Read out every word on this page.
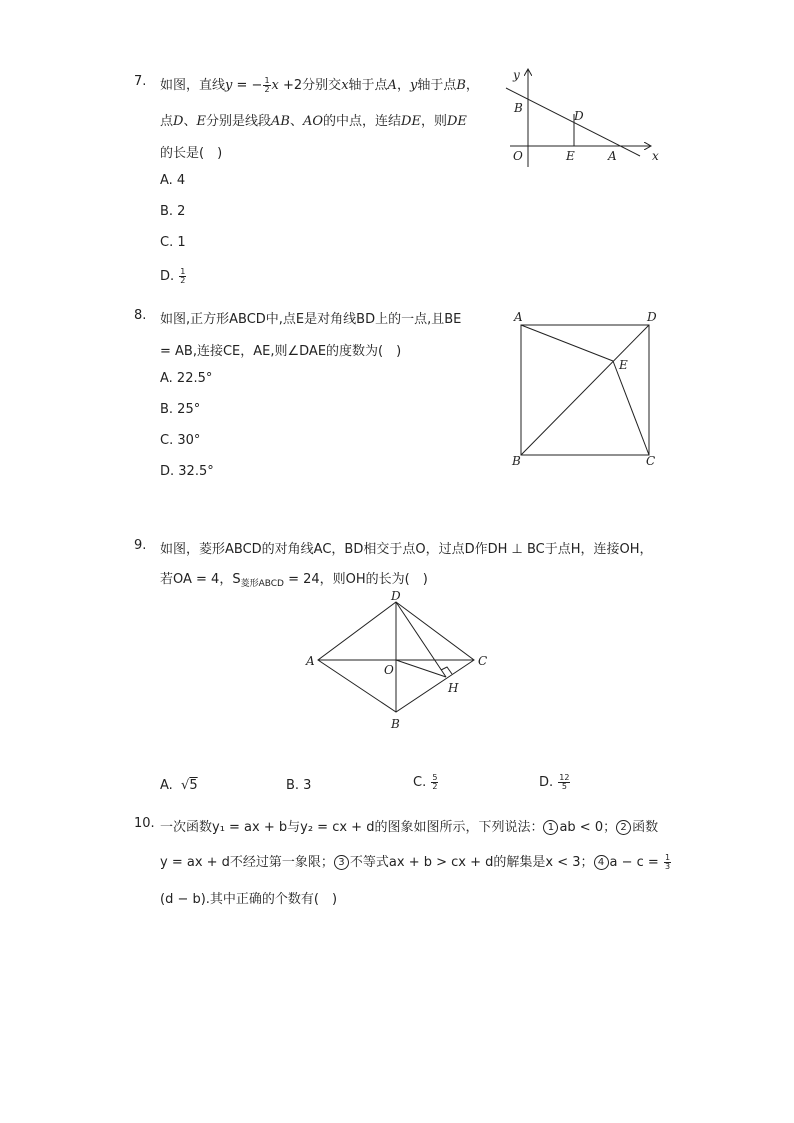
7. 如图，直线y = − $\frac{1}{2}$ x +2分别交x轴于点A，y轴于点B，
点D、E分别是线段AB、AO的中点，连结DE，则DE
的长是(　)
A. 4
B. 2
C. 1
D. $\frac{1}{2}$
y
x
B
D
O	E	A
8. 如图,正方形ABCD中,点E是对角线BD上的一点,且BE
= AB,连接CE，AE,则∠DAE的度数为(　)
A. 22.5°
B. 25°
C. 30°
D. 32.5°
A	D
E
B	C
9. 如图，菱形ABCD的对角线AC，BD相交于点O，过点D作DH ⊥ BC于点H，连接OH，
若OA = 4，$S_{菱形ABCD} = 24$，则OH的长为(　)
D
A
O
C
H
B
A.  √5	B. 3	C. $\frac{5}{2}$	D. $\frac{12}{5}$
10. 一次函数y₁ = ax + b与y₂ = cx + d的图象如图所示，下列说法： 1 ab < 0； 2 函数
y = ax + d不经过第一象限； 3 不等式ax + b > cx + d的解集是x < 3； 4 $a - c = \frac{1}{3}$
(d − b).其中正确的个数有(　)
